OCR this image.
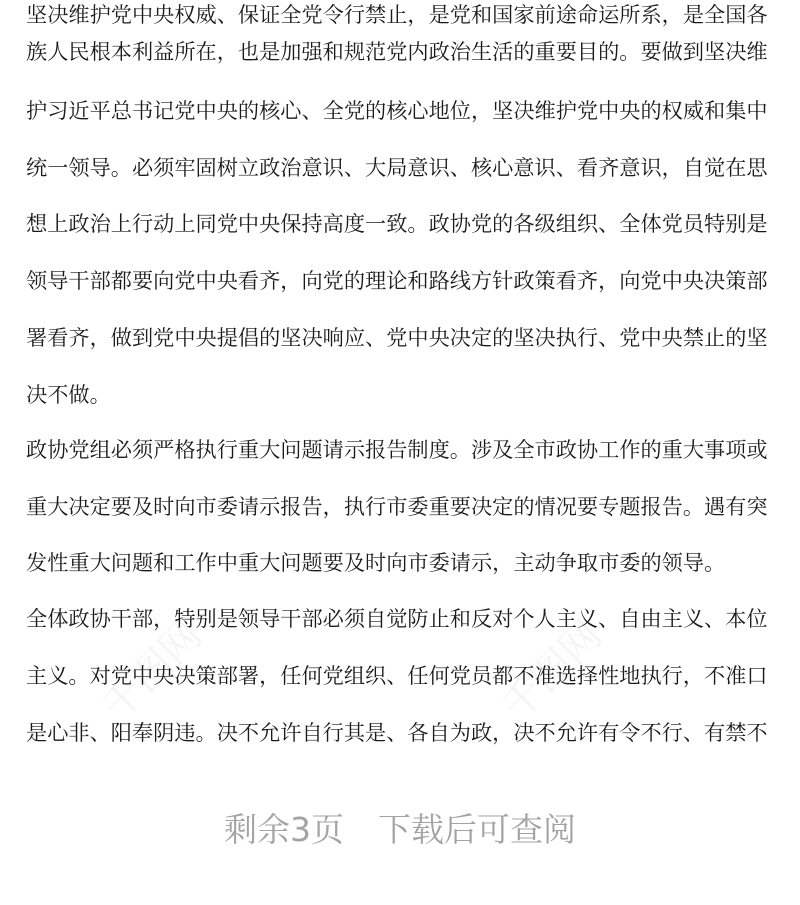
坚决维护党中央权威、保证全党令行禁止，是党和国家前途命运所系，是全国各
族人民根本利益所在，也是加强和规范党内政治生活的重要目的。要做到坚决维
护习近平总书记党中央的核心、全党的核心地位，坚决维护党中央的权威和集中
统一领导。必须牢固树立政治意识、大局意识、核心意识、看齐意识，自觉在思
想上政治上行动上同党中央保持高度一致。政协党的各级组织、全体党员特别是
领导干部都要向党中央看齐，向党的理论和路线方针政策看齐，向党中央决策部
署看齐，做到党中央提倡的坚决响应、党中央决定的坚决执行、党中央禁止的坚
决不做。
政协党组必须严格执行重大问题请示报告制度。涉及全市政协工作的重大事项或
重大决定要及时向市委请示报告，执行市委重要决定的情况要专题报告。遇有突
发性重大问题和工作中重大问题要及时向市委请示，主动争取市委的领导。
全体政协干部，特别是领导干部必须自觉防止和反对个人主义、自由主义、本位
主义。对党中央决策部署，任何党组织、任何党员都不准选择性地执行，不准口
是心非、阳奉阴违。决不允许自行其是、各自为政，决不允许有令不行、有禁不
剩余3页 下载后可查阅
